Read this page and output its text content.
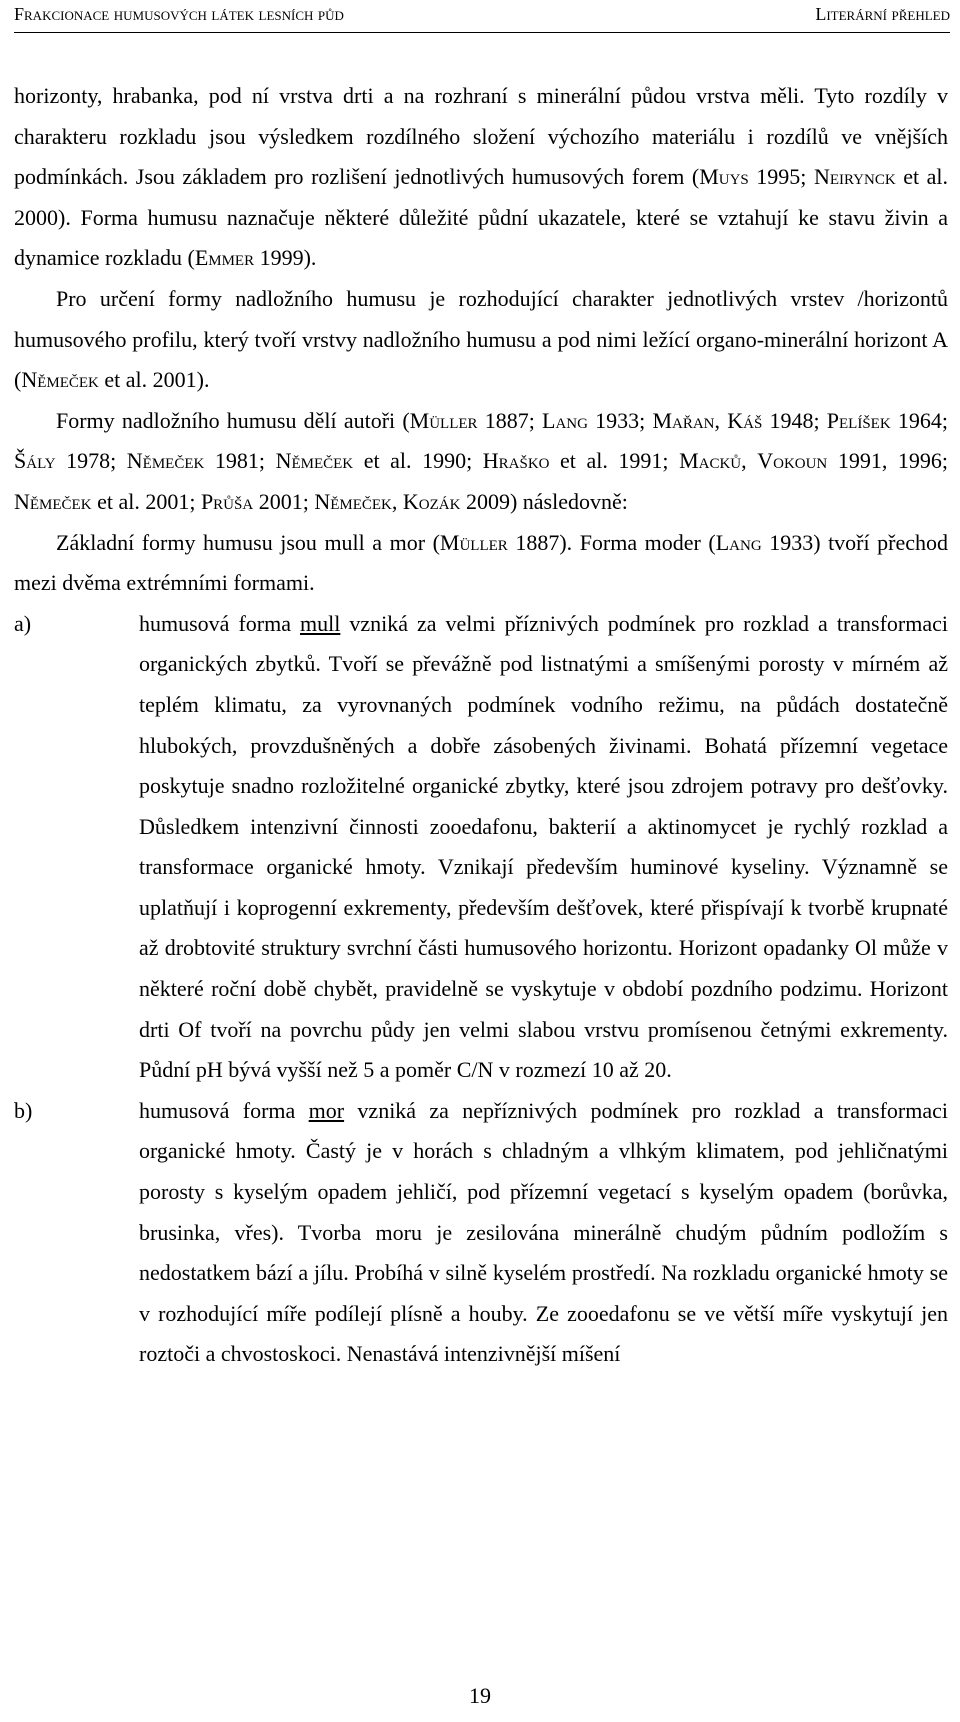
Frakcionace humusových látek lesních půd	Literární přehled

horizonty, hrabanka, pod ní vrstva drti a na rozhraní s minerální půdou vrstva měli. Tyto rozdíly v charakteru rozkladu jsou výsledkem rozdílného složení výchozího materiálu i rozdílů ve vnějších podmínkách. Jsou základem pro rozlišení jednotlivých humusových forem (Muys 1995; Neirynck et al. 2000). Forma humusu naznačuje některé důležité půdní ukazatele, které se vztahují ke stavu živin a dynamice rozkladu (Emmer 1999).

Pro určení formy nadložního humusu je rozhodující charakter jednotlivých vrstev /horizontů humusového profilu, který tvoří vrstvy nadložního humusu a pod nimi ležící organo-minerální horizont A (Němeček et al. 2001).

Formy nadložního humusu dělí autoři (Müller 1887; Lang 1933; Mařan, Káš 1948; Pelíšek 1964; Šály 1978; Němeček 1981; Němeček et al. 1990; Hraško et al. 1991; Macků, Vokoun 1991, 1996; Němeček et al. 2001; Průša 2001; Němeček, Kozák 2009) následovně:

Základní formy humusu jsou mull a mor (Müller 1887). Forma moder (Lang 1933) tvoří přechod mezi dvěma extrémními formami.

a)	humusová forma mull vzniká za velmi příznivých podmínek pro rozklad a transformaci organických zbytků. Tvoří se převážně pod listnatými a smíšenými porosty v mírném až teplém klimatu, za vyrovnaných podmínek vodního režimu, na půdách dostatečně hlubokých, provzdušněných a dobře zásobených živinami. Bohatá přízemní vegetace poskytuje snadno rozložitelné organické zbytky, které jsou zdrojem potravy pro dešťovky. Důsledkem intenzivní činnosti zooedafonu, bakterií a aktinomycet je rychlý rozklad a transformace organické hmoty. Vznikají především huminové kyseliny. Významně se uplatňují i koprogenní exkrementy, především dešťovek, které přispívají k tvorbě krupnaté až drobtovité struktury svrchní části humusového horizontu. Horizont opadanky Ol může v některé roční době chybět, pravidelně se vyskytuje v období pozdního podzimu. Horizont drti Of tvoří na povrchu půdy jen velmi slabou vrstvu promísenou četnými exkrementy. Půdní pH bývá vyšší než 5 a poměr C/N v rozmezí 10 až 20.
b)	humusová forma mor vzniká za nepříznivých podmínek pro rozklad a transformaci organické hmoty. Častý je v horách s chladným a vlhkým klimatem, pod jehličnatými porosty s kyselým opadem jehličí, pod přízemní vegetací s kyselým opadem (borůvka, brusinka, vřes). Tvorba moru je zesilována minerálně chudým půdním podložím s nedostatkem bází a jílu. Probíhá v silně kyselém prostředí. Na rozkladu organické hmoty se v rozhodující míře podílejí plísně a houby. Ze zooedafonu se ve větší míře vyskytují jen roztoči a chvostoskoci. Nenastává intenzivnější míšení
19
